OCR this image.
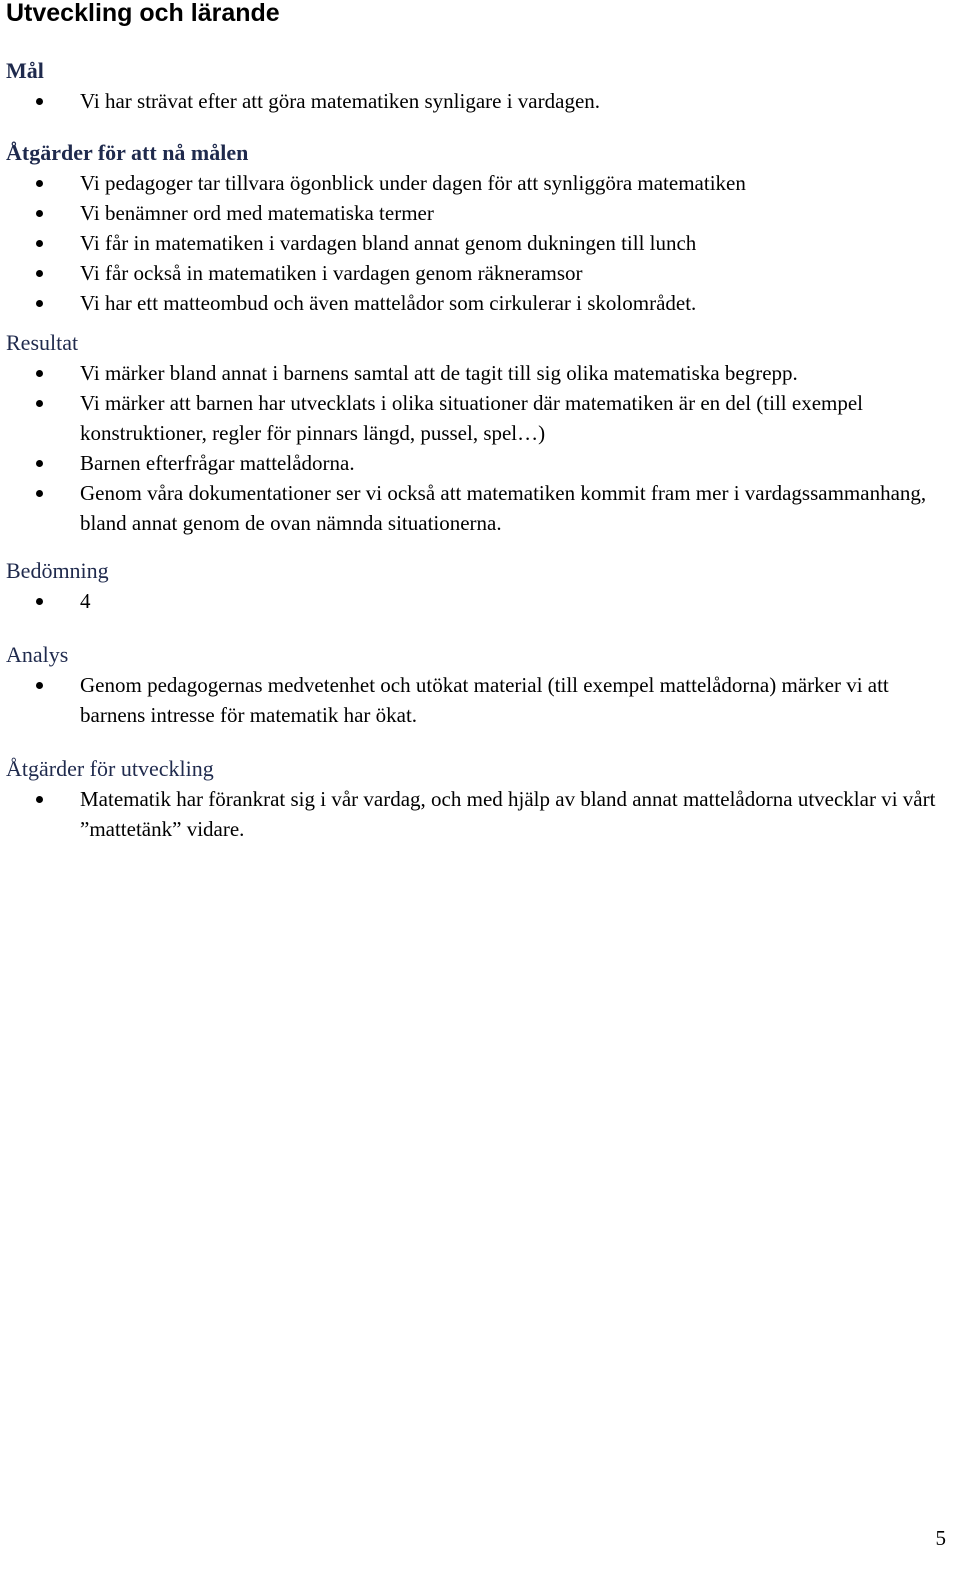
Utveckling och lärande
Mål
Vi har strävat efter att göra matematiken synligare i vardagen.
Åtgärder för att nå målen
Vi pedagoger tar tillvara ögonblick under dagen för att synliggöra matematiken
Vi benämner ord med matematiska termer
Vi får in matematiken i vardagen bland annat genom dukningen till lunch
Vi får också in matematiken i vardagen genom räkneramsor
Vi har ett matteombud och även mattelådor som cirkulerar i skolområdet.
Resultat
Vi märker bland annat i barnens samtal att de tagit till sig olika matematiska begrepp.
Vi märker att barnen har utvecklats i olika situationer där matematiken är en del (till exempel konstruktioner, regler för pinnars längd, pussel, spel…)
Barnen efterfrågar mattelådorna.
Genom våra dokumentationer ser vi också att matematiken kommit fram mer i vardagssammanhang, bland annat genom de ovan nämnda situationerna.
Bedömning
4
Analys
Genom pedagogernas medvetenhet och utökat material (till exempel mattelådorna) märker vi att barnens intresse för matematik har ökat.
Åtgärder för utveckling
Matematik har förankrat sig i vår vardag, och med hjälp av bland annat mattelådorna utvecklar vi vårt ”mattetänk” vidare.
5
